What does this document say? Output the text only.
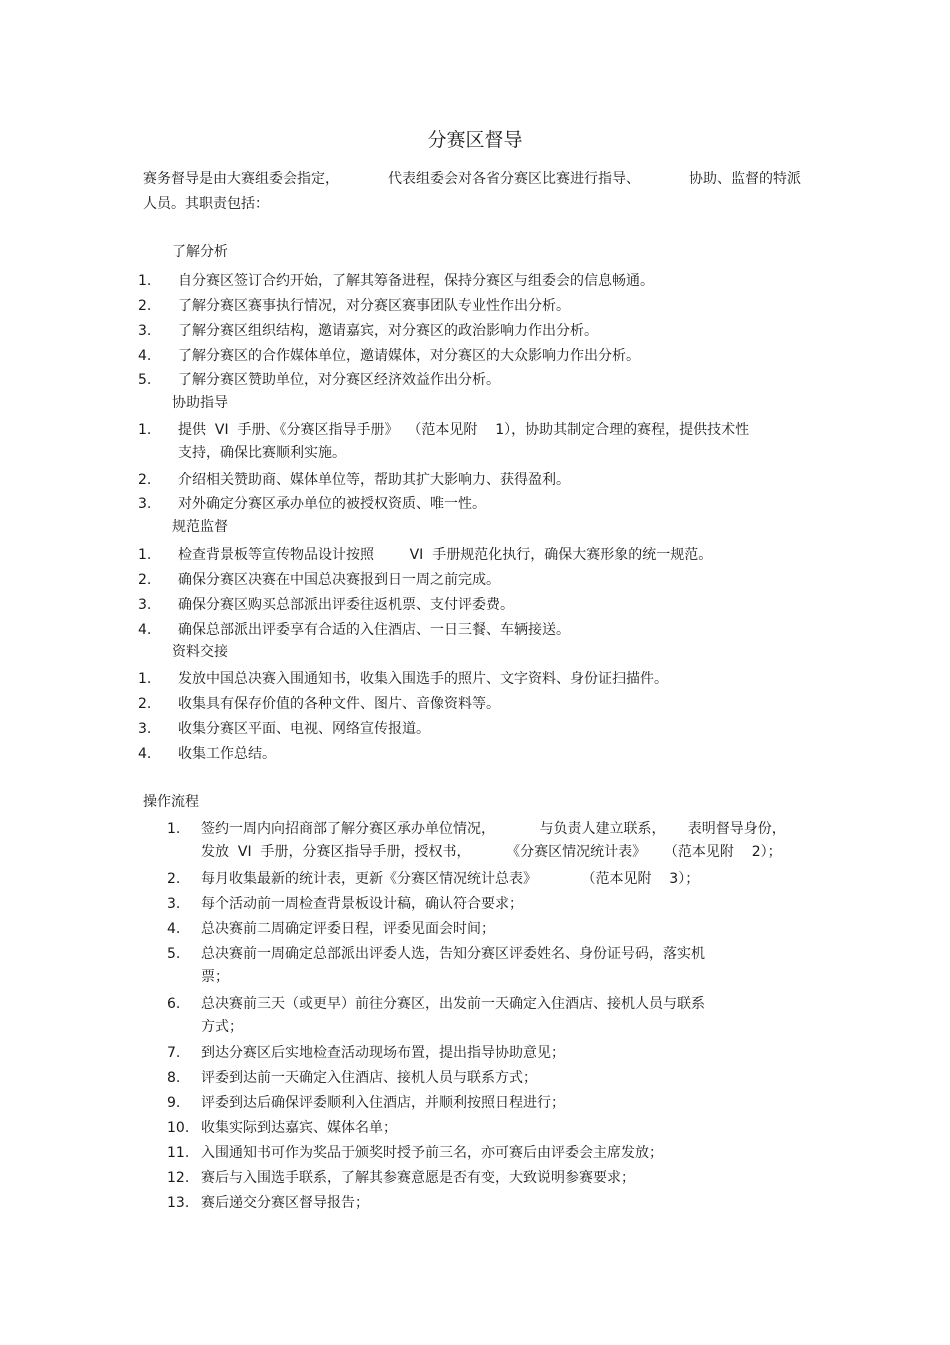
分赛区督导
赛务督导是由大赛组委会指定，	代表组委会对各省分赛区比赛进行指导、	协助、监督的特派
人员。其职责包括：
了解分析
1.	自分赛区签订合约开始，了解其筹备进程，保持分赛区与组委会的信息畅通。
2.	了解分赛区赛事执行情况，对分赛区赛事团队专业性作出分析。
3.	了解分赛区组织结构，邀请嘉宾，对分赛区的政治影响力作出分析。
4.	了解分赛区的合作媒体单位，邀请媒体，对分赛区的大众影响力作出分析。
5.	了解分赛区赞助单位，对分赛区经济效益作出分析。
协助指导
1.	提供  VI  手册、《分赛区指导手册》  （范本见附    1），协助其制定合理的赛程，提供技术性
支持，确保比赛顺利实施。
2.	介绍相关赞助商、媒体单位等，帮助其扩大影响力、获得盈利。
3.	对外确定分赛区承办单位的被授权资质、唯一性。
规范监督
1.	检查背景板等宣传物品设计按照        VI  手册规范化执行，确保大赛形象的统一规范。
2.	确保分赛区决赛在中国总决赛报到日一周之前完成。
3.	确保分赛区购买总部派出评委往返机票、支付评委费。
4.	确保总部派出评委享有合适的入住酒店、一日三餐、车辆接送。
资料交接
1.	发放中国总决赛入围通知书，收集入围选手的照片、文字资料、身份证扫描件。
2.	收集具有保存价值的各种文件、图片、音像资料等。
3.	收集分赛区平面、电视、网络宣传报道。
4.	收集工作总结。
操作流程
1.	签约一周内向招商部了解分赛区承办单位情况，          与负责人建立联系，     表明督导身份，
发放  VI  手册，分赛区指导手册，授权书，        《分赛区情况统计表》    （范本见附    2）；
2.	每月收集最新的统计表，更新《分赛区情况统计总表》          （范本见附    3）；
3.	每个活动前一周检查背景板设计稿，确认符合要求；
4.	总决赛前二周确定评委日程，评委见面会时间；
5.	总决赛前一周确定总部派出评委人选，告知分赛区评委姓名、身份证号码，落实机
票；
6.	总决赛前三天（或更早）前往分赛区，出发前一天确定入住酒店、接机人员与联系
方式；
7.	到达分赛区后实地检查活动现场布置，提出指导协助意见；
8.	评委到达前一天确定入住酒店、接机人员与联系方式；
9.	评委到达后确保评委顺利入住酒店，并顺利按照日程进行；
10. 收集实际到达嘉宾、媒体名单；
11. 入围通知书可作为奖品于颁奖时授予前三名，亦可赛后由评委会主席发放；
12. 赛后与入围选手联系，了解其参赛意愿是否有变，大致说明参赛要求；
13. 赛后递交分赛区督导报告；
